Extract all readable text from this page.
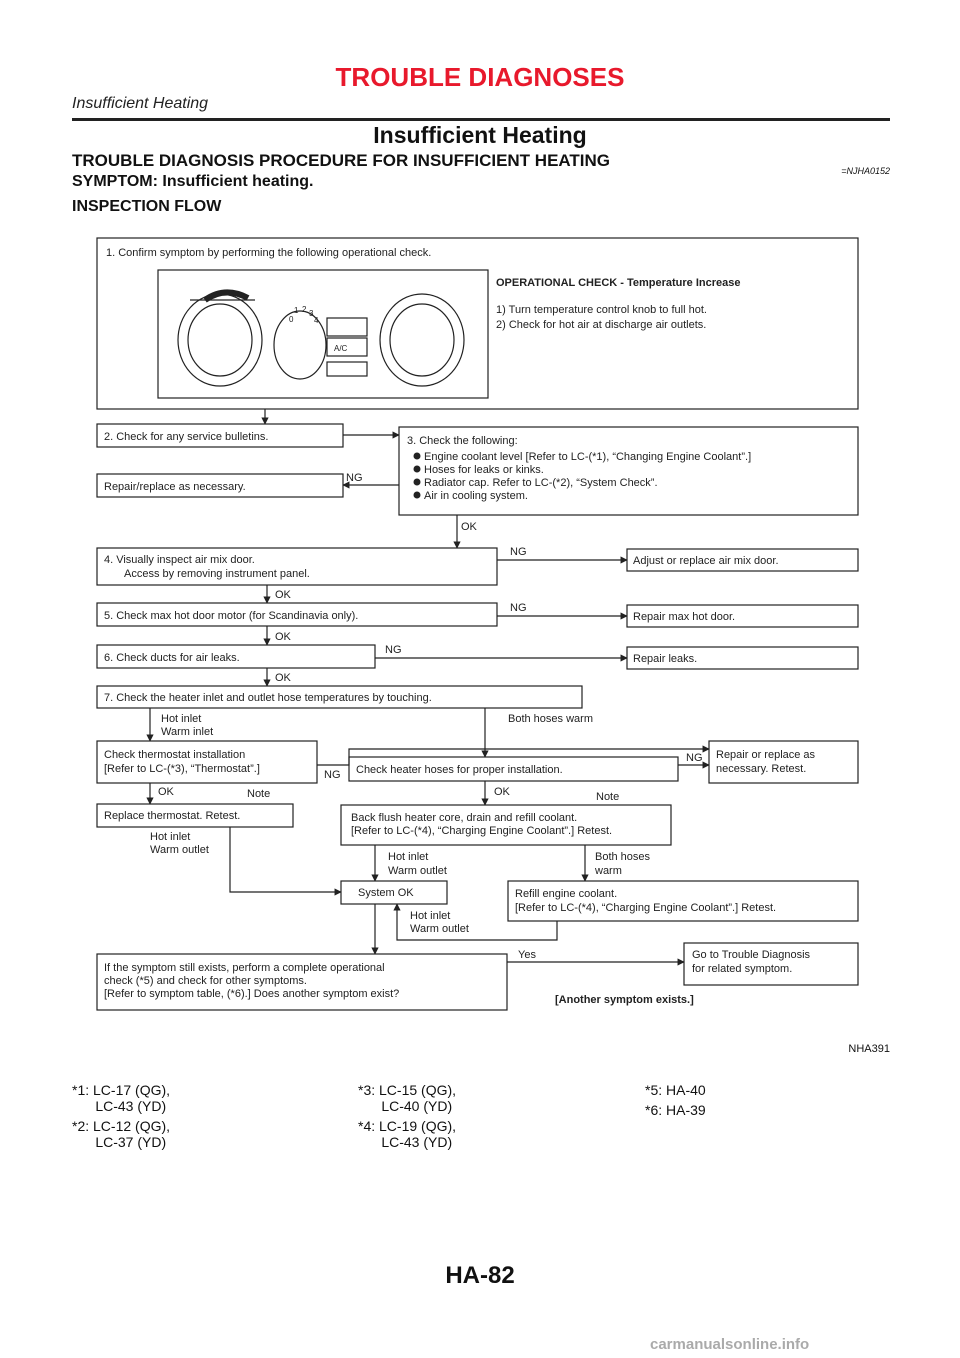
TROUBLE DIAGNOSES
Insufficient Heating
Insufficient Heating
TROUBLE DIAGNOSIS PROCEDURE FOR INSUFFICIENT HEATING
=NJHA0152
SYMPTOM: Insufficient heating.
INSPECTION FLOW
1. Confirm symptom by performing the following operational check.
OPERATIONAL CHECK - Temperature Increase
1) Turn temperature control knob to full hot.
2) Check for hot air at discharge air outlets.
0
1 2 3
4
A/C
2. Check for any service bulletins.
Repair/replace as necessary.
NG
3. Check the following:
Engine coolant level [Refer to LC-(*1), “Changing Engine Coolant”.]
Hoses for leaks or kinks.
Radiator cap. Refer to LC-(*2), “System Check”.
Air in cooling system.
OK
4. Visually inspect air mix door.
Access by removing instrument panel.
NG
Adjust or replace air mix door.
OK
5. Check max hot door motor (for Scandinavia only).
NG
Repair max hot door.
OK
6. Check ducts for air leaks.
NG
Repair leaks.
OK
7. Check the heater inlet and outlet hose temperatures by touching.
Hot inlet
Warm inlet
Both hoses warm
Check thermostat installation
[Refer to LC-(*3), “Thermostat”.]	NG Check heater hoses for proper installation.
NG Repair or replace as
necessary. Retest.
OK	Note	OK	Note
Replace thermostat. Retest.
Hot inlet
Warm outlet
Back flush heater core, drain and refill coolant.
[Refer to LC-(*4), “Charging Engine Coolant”.] Retest.
Hot inlet
Warm outlet
Both hoses
warm
System OK	Refill engine coolant.
[Refer to LC-(*4), “Charging Engine Coolant”.] Retest.
Hot inlet
Warm outlet
If the symptom still exists, perform a complete operational
check (*5) and check for other symptoms.
[Refer to symptom table, (*6).] Does another symptom exist?
Yes	Go to Trouble Diagnosis
for related symptom.
[Another symptom exists.]
NHA391
*1: LC-17 (QG),
LC-43 (YD)
*2: LC-12 (QG),
LC-37 (YD)
*3: LC-15 (QG),
LC-40 (YD)
*4: LC-19 (QG),
LC-43 (YD)
*5: HA-40
*6: HA-39
HA-82
carmanualsonline.info
